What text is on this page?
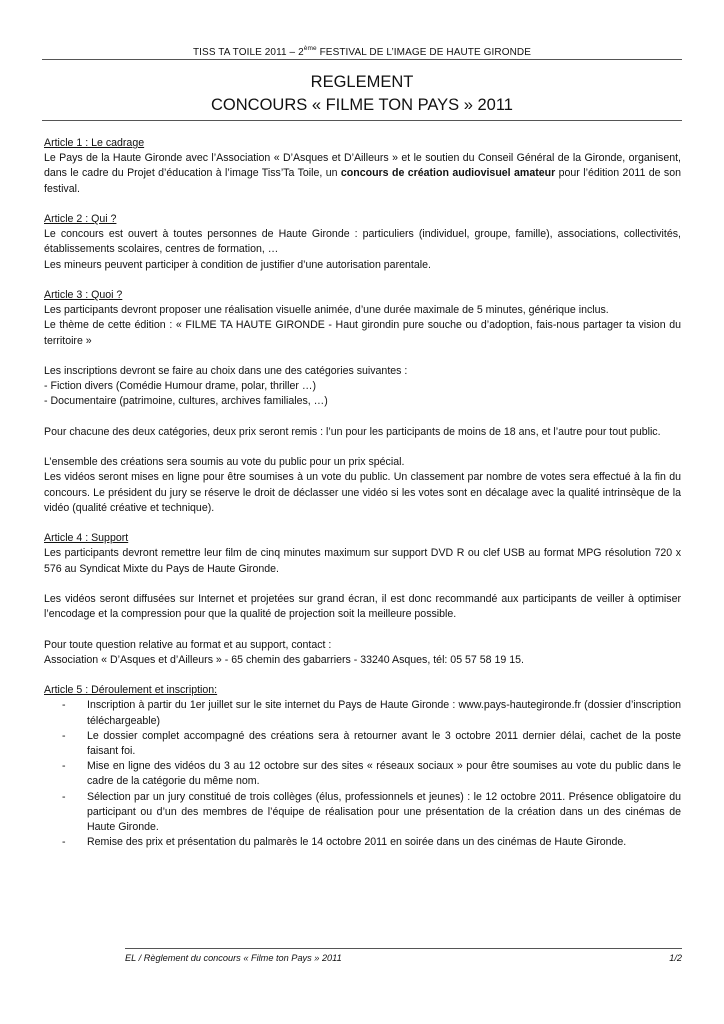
TISS TA TOILE 2011 – 2ème FESTIVAL DE L’IMAGE DE HAUTE GIRONDE
REGLEMENT
CONCOURS « FILME TON PAYS » 2011

Article 1 : Le cadrage

Le Pays de la Haute Gironde avec l’Association « D’Asques et D’Ailleurs » et le soutien du Conseil Général de la Gironde, organisent, dans le cadre du Projet d’éducation à l’image Tiss’Ta Toile, un concours de création audiovisuel amateur pour l’édition 2011 de son festival.

Article 2 : Qui ?

Le concours est ouvert à toutes personnes de Haute Gironde : particuliers (individuel, groupe, famille), associations, collectivités, établissements scolaires, centres de formation, …

Les mineurs peuvent participer à condition de justifier d’une autorisation parentale.

Article 3 : Quoi ?

Les participants devront proposer une réalisation visuelle animée, d’une durée maximale de 5 minutes, générique inclus.

Le thème de cette édition : « FILME TA HAUTE GIRONDE - Haut girondin pure souche ou d’adoption, fais-nous partager ta vision du territoire »

Les inscriptions devront se faire au choix dans une des catégories suivantes :

- Fiction divers (Comédie Humour drame, polar, thriller …)

- Documentaire (patrimoine, cultures, archives familiales, …)

Pour chacune des deux catégories, deux prix seront remis : l’un pour les participants de moins de 18 ans, et l’autre pour tout public.

L’ensemble des créations sera soumis au vote du public pour un prix spécial.

Les vidéos seront mises en ligne pour être soumises à un vote du public. Un classement par nombre de votes sera effectué à la fin du concours. Le président du jury se réserve le droit de déclasser une vidéo si les votes sont en décalage avec la qualité intrinsèque de la vidéo (qualité créative et technique).

Article 4 : Support

Les participants devront remettre leur film de cinq minutes maximum sur support DVD R ou clef USB au format MPG résolution 720 x 576 au Syndicat Mixte du Pays de Haute Gironde.

Les vidéos seront diffusées sur Internet et projetées sur grand écran, il est donc recommandé aux participants de veiller à optimiser l’encodage et la compression pour que la qualité de projection soit la meilleure possible.

Pour toute question relative au format et au support, contact :

Association « D’Asques et d’Ailleurs » - 65 chemin des gabarriers - 33240 Asques, tél: 05 57 58 19 15.

Article 5 : Déroulement et inscription:

- Inscription à partir du 1er juillet sur le site internet du Pays de Haute Gironde : www.pays-hautegironde.fr (dossier d’inscription téléchargeable)
- Le dossier complet accompagné des créations sera à retourner avant le 3 octobre 2011 dernier délai, cachet de la poste faisant foi.
- Mise en ligne des vidéos du 3 au 12 octobre sur des sites « réseaux sociaux » pour être soumises au vote du public dans le cadre de la catégorie du même nom.
- Sélection par un jury constitué de trois collèges (élus, professionnels et jeunes) : le 12 octobre 2011. Présence obligatoire du participant ou d’un des membres de l’équipe de réalisation pour une présentation de la création dans un des cinémas de Haute Gironde.
- Remise des prix et présentation du palmarès le 14 octobre 2011 en soirée dans un des cinémas de Haute Gironde.
EL / Règlement du concours « Filme ton Pays » 2011	1/2
